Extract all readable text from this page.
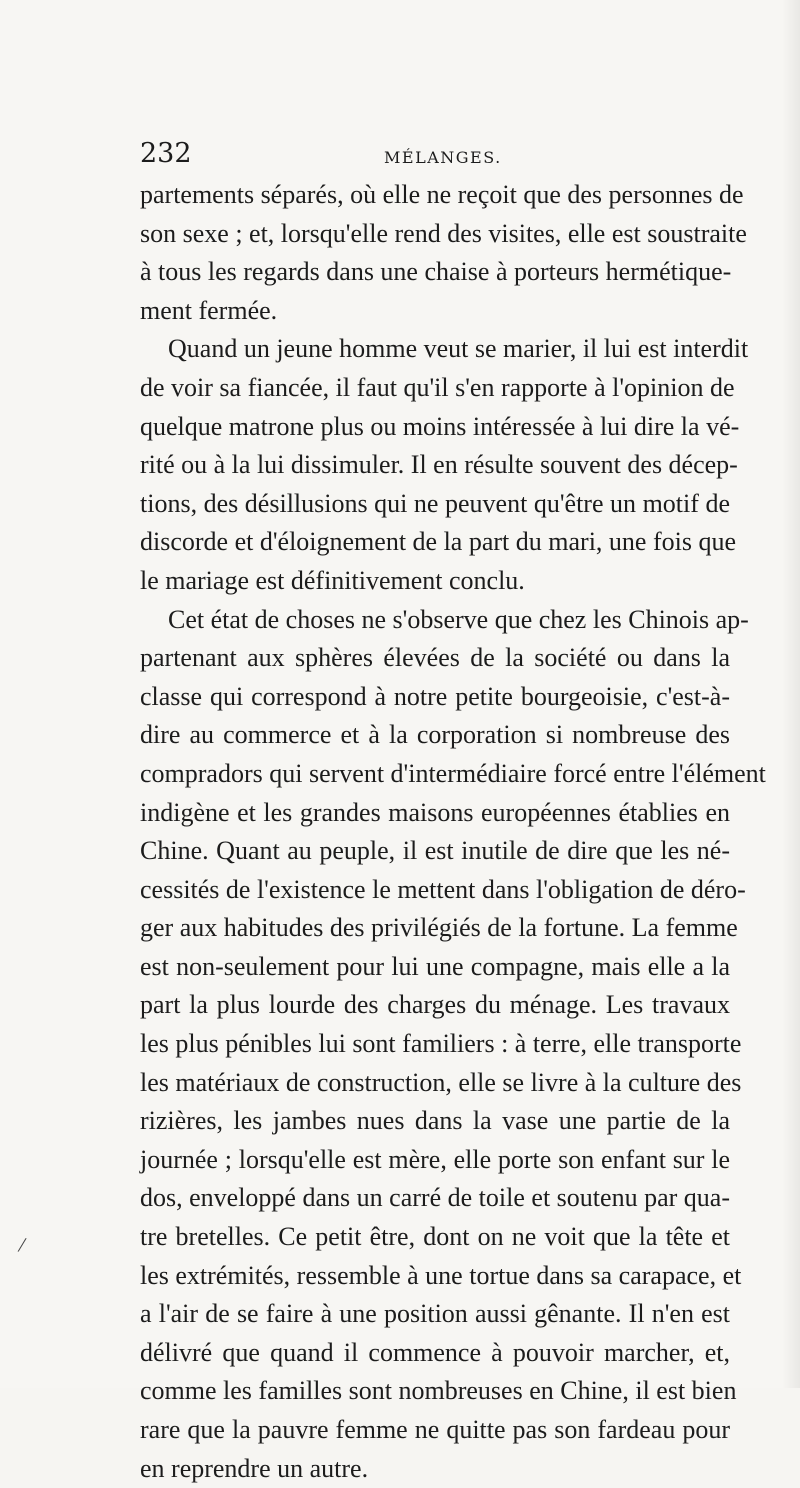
232	MÉLANGES.
partements séparés, où elle ne reçoit que des personnes de
son sexe ; et, lorsqu'elle rend des visites, elle est soustraite
à tous les regards dans une chaise à porteurs hermétique-
ment fermée.
Quand un jeune homme veut se marier, il lui est interdit
de voir sa fiancée, il faut qu'il s'en rapporte à l'opinion de
quelque matrone plus ou moins intéressée à lui dire la vé-
rité ou à la lui dissimuler. Il en résulte souvent des décep-
tions, des désillusions qui ne peuvent qu'être un motif de
discorde et d'éloignement de la part du mari, une fois que
le mariage est définitivement conclu.
Cet état de choses ne s'observe que chez les Chinois ap-
partenant aux sphères élevées de la société ou dans la
classe qui correspond à notre petite bourgeoisie, c'est-à-
dire au commerce et à la corporation si nombreuse des
compradors qui servent d'intermédiaire forcé entre l'élément
indigène et les grandes maisons européennes établies en
Chine. Quant au peuple, il est inutile de dire que les né-
cessités de l'existence le mettent dans l'obligation de déro-
ger aux habitudes des privilégiés de la fortune. La femme
est non-seulement pour lui une compagne, mais elle a la
part la plus lourde des charges du ménage. Les travaux
les plus pénibles lui sont familiers : à terre, elle transporte
les matériaux de construction, elle se livre à la culture des
rizières, les jambes nues dans la vase une partie de la
journée ; lorsqu'elle est mère, elle porte son enfant sur le
dos, enveloppé dans un carré de toile et soutenu par qua-
tre bretelles. Ce petit être, dont on ne voit que la tête et
les extrémités, ressemble à une tortue dans sa carapace, et
a l'air de se faire à une position aussi gênante. Il n'en est
délivré que quand il commence à pouvoir marcher, et,
comme les familles sont nombreuses en Chine, il est bien
rare que la pauvre femme ne quitte pas son fardeau pour
en reprendre un autre.
/
